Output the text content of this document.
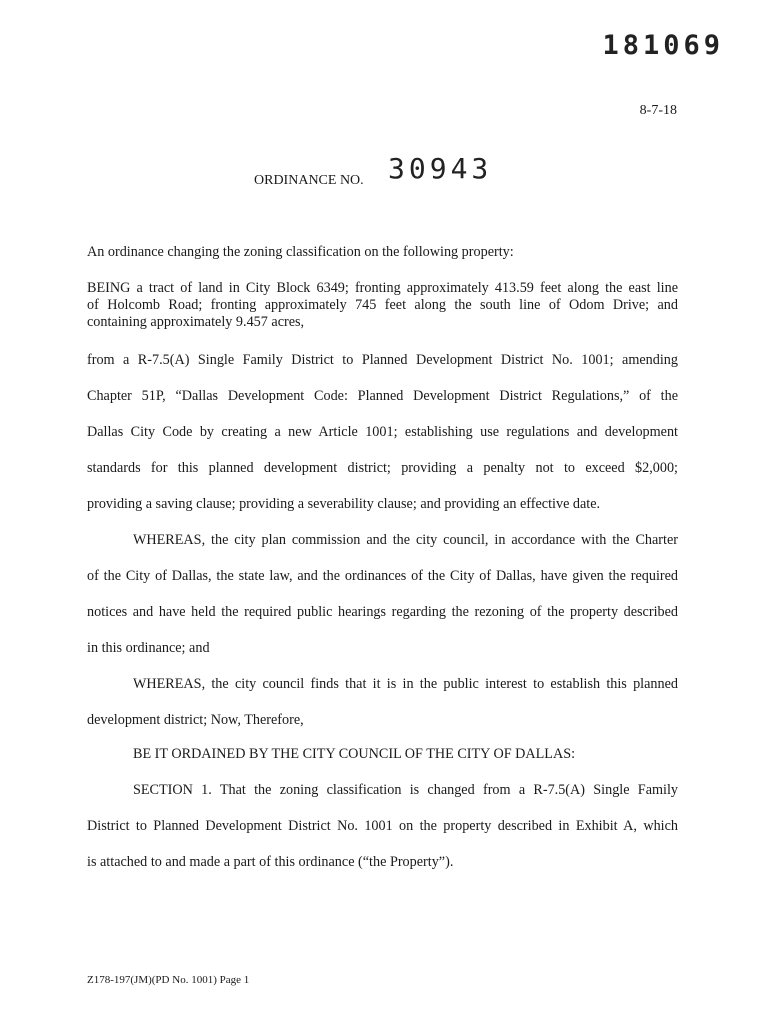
181069
8-7-18
ORDINANCE NO. 30943
An ordinance changing the zoning classification on the following property:
BEING a tract of land in City Block 6349; fronting approximately 413.59 feet along the east line
of Holcomb Road; fronting approximately 745 feet along the south line of Odom Drive; and
containing approximately 9.457 acres,
from a R-7.5(A) Single Family District to Planned Development District No. 1001; amending
Chapter 51P, “Dallas Development Code: Planned Development District Regulations,” of the
Dallas City Code by creating a new Article 1001; establishing use regulations and development
standards for this planned development district; providing a penalty not to exceed $2,000;
providing a saving clause; providing a severability clause; and providing an effective date.
WHEREAS, the city plan commission and the city council, in accordance with the Charter
of the City of Dallas, the state law, and the ordinances of the City of Dallas, have given the required
notices and have held the required public hearings regarding the rezoning of the property described
in this ordinance; and
WHEREAS, the city council finds that it is in the public interest to establish this planned
development district; Now, Therefore,
BE IT ORDAINED BY THE CITY COUNCIL OF THE CITY OF DALLAS:
SECTION 1. That the zoning classification is changed from a R-7.5(A) Single Family
District to Planned Development District No. 1001 on the property described in Exhibit A, which
is attached to and made a part of this ordinance (“the Property”).
Z178-197(JM)(PD No. 1001) Page 1
